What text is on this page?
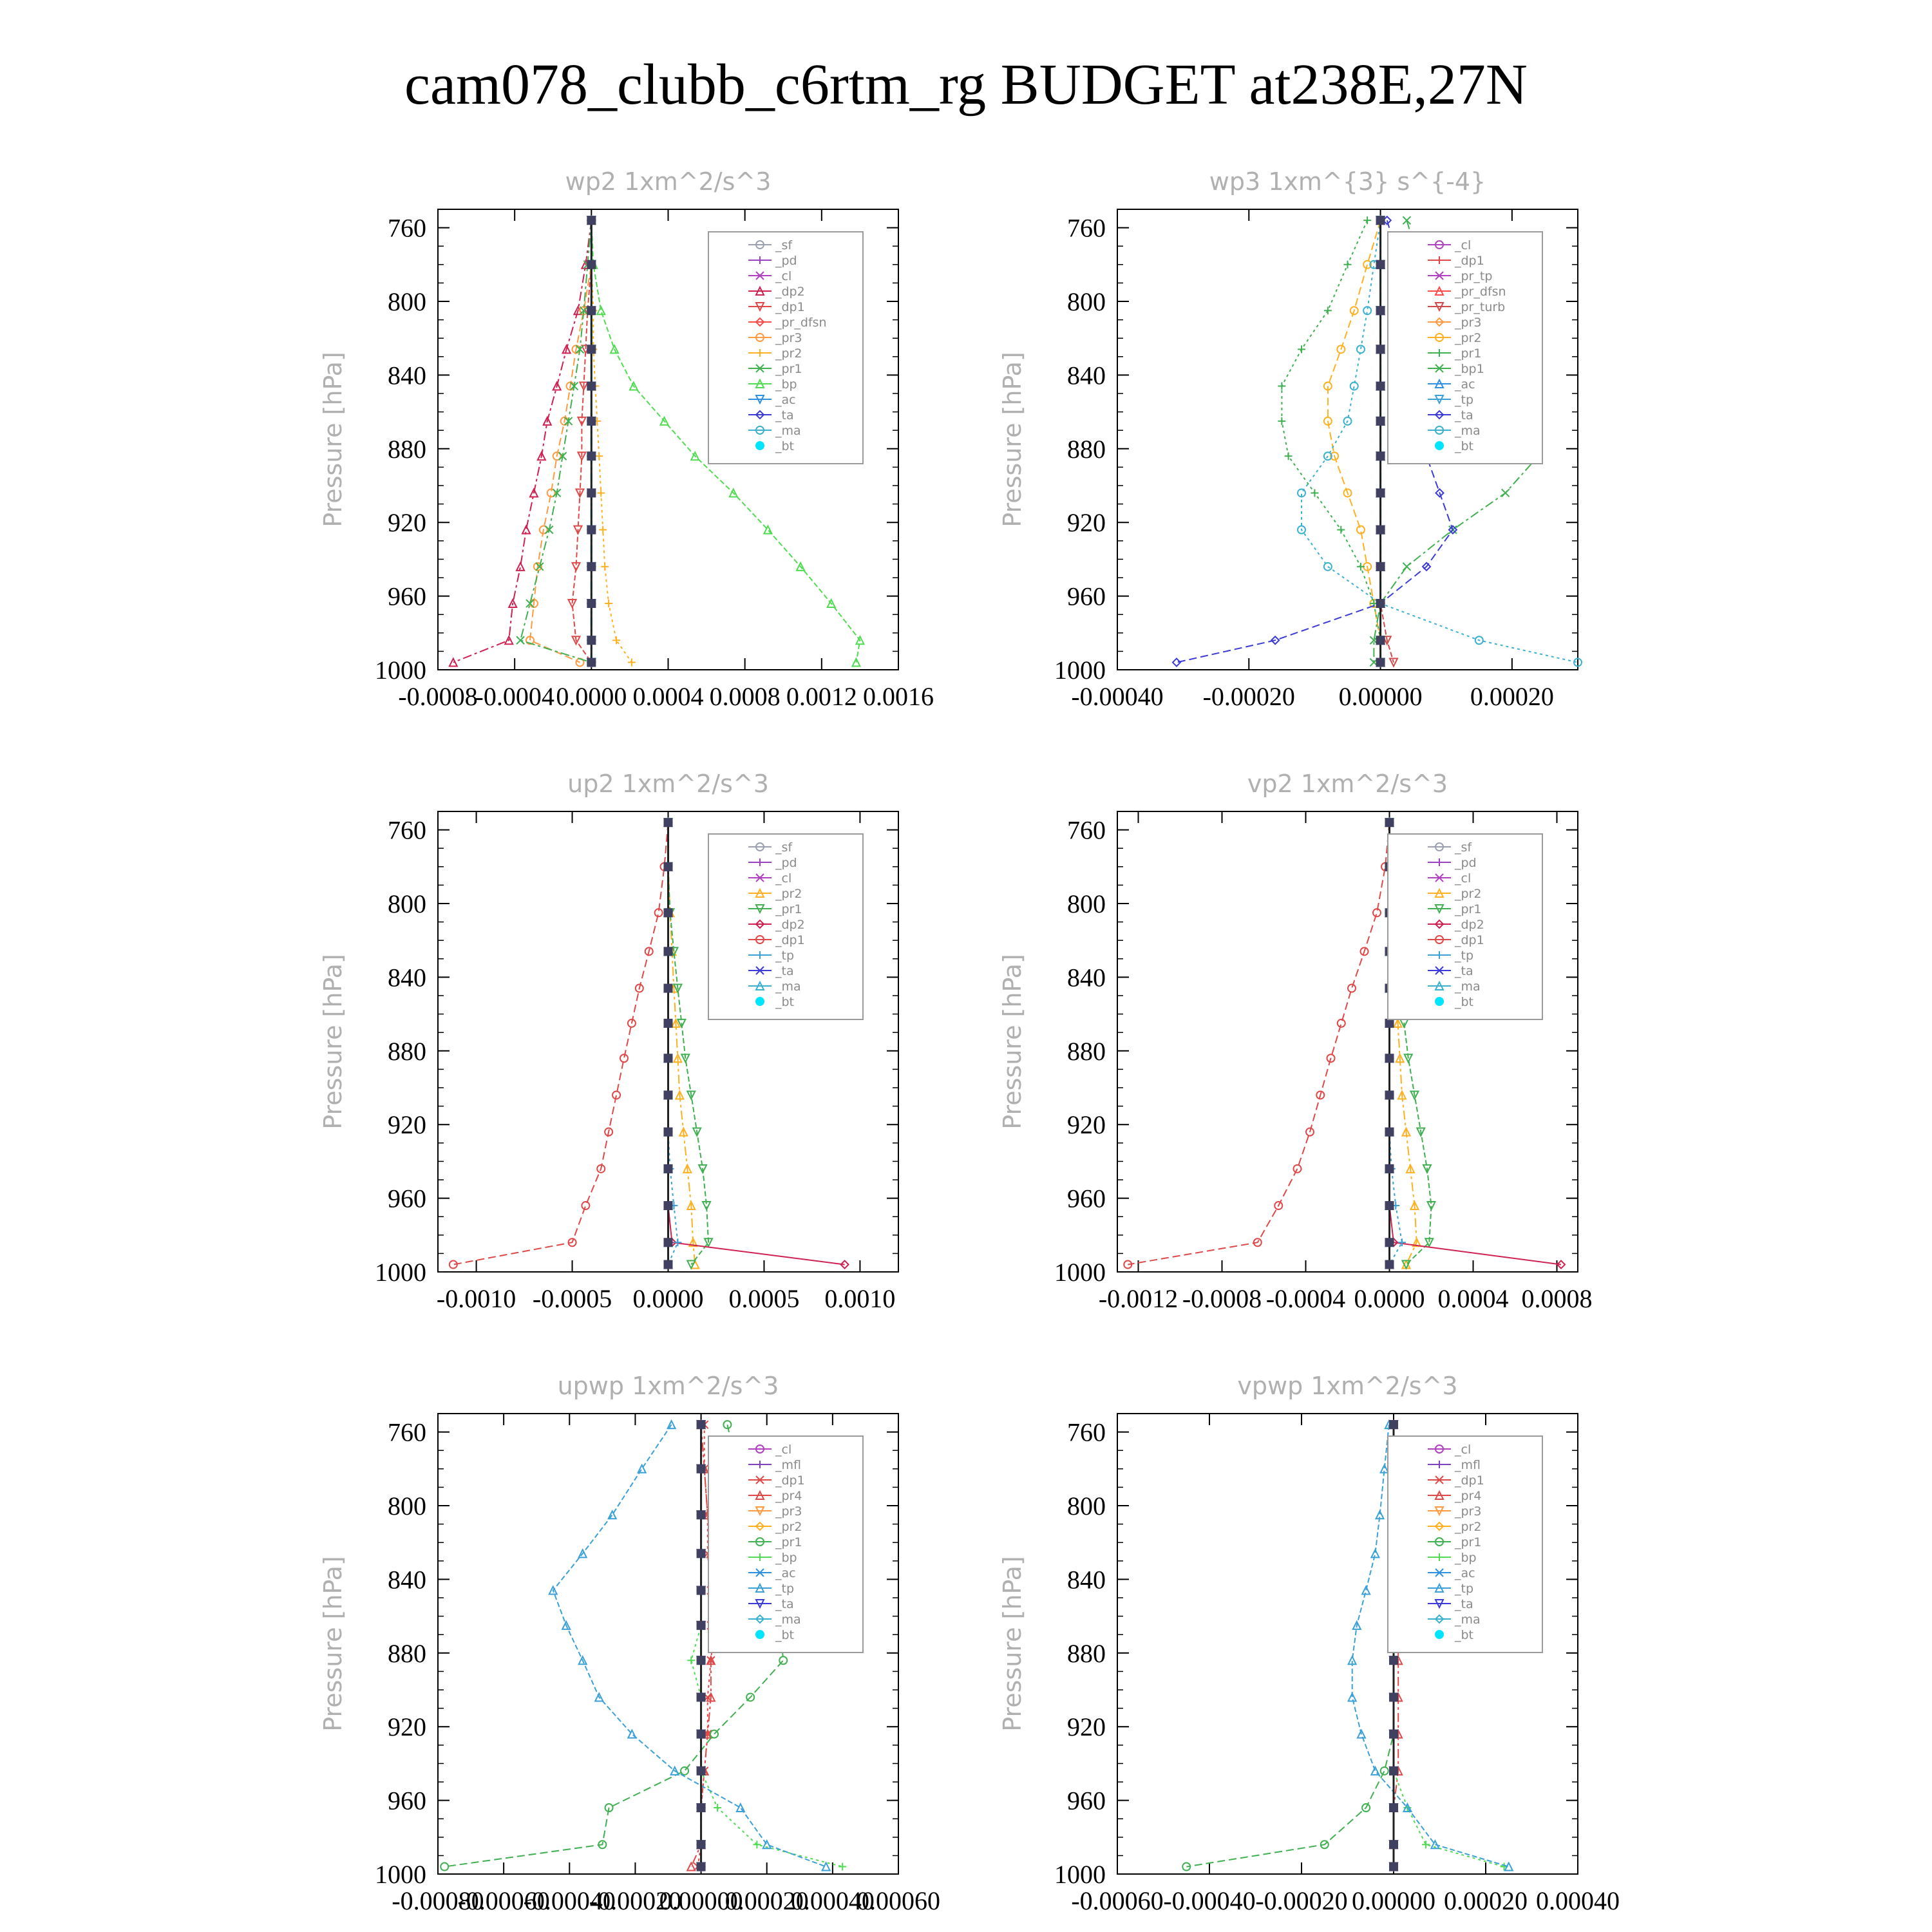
cam078_clubb_c6rtm_rg BUDGET at238E,27N
wp2 1xm^2/s^3
Pressure [hPa]
760
800
840
880
920
960
1000
-0.0008
-0.0004 0.0000 0.0004 0.0008 0.0012 0.0016
_sf
_pd
_cl
_dp2
_dp1
_pr_dfsn
_pr3
_pr2
_pr1
_bp
_ac
_ta
_ma
_bt
wp3 1xm^{3} s^{-4}
Pressure [hPa]
760
800
840
880
920
960
1000
-0.00040 -0.00020 0.00000 0.00020
_cl
_dp1
_pr_tp
_pr_dfsn
_pr_turb
_pr3
_pr2
_pr1
_bp1
_ac
_tp
_ta
_ma
_bt
up2 1xm^2/s^3
Pressure [hPa]
760
800
840
880
920
960
1000
-0.0010 -0.0005 0.0000 0.0005 0.0010
_sf
_pd
_cl
_pr2
_pr1
_dp2
_dp1
_tp
_ta
_ma
_bt
vp2 1xm^2/s^3
Pressure [hPa]
760
800
840
880
920
960
1000
-0.0012 -0.0008 -0.0004 0.0000 0.0004 0.0008
_sf
_pd
_cl
_pr2
_pr1
_dp2
_dp1
_tp
_ta
_ma
_bt
upwp 1xm^2/s^3
Pressure [hPa]
760
800
840
880
920
960
1000
-0.00080
-0.00060
-0.00040
-0.00020
0.00000
0.00020
0.00040
0.00060
_cl
_mfl
_dp1
_pr4
_pr3
_pr2
_pr1
_bp
_ac
_tp
_ta
_ma
_bt
vpwp 1xm^2/s^3
Pressure [hPa]
760
800
840
880
920
960
1000
-0.00060 -0.00040 -0.00020 0.00000 0.00020 0.00040
_cl
_mfl
_dp1
_pr4
_pr3
_pr2
_pr1
_bp
_ac
_tp
_ta
_ma
_bt
